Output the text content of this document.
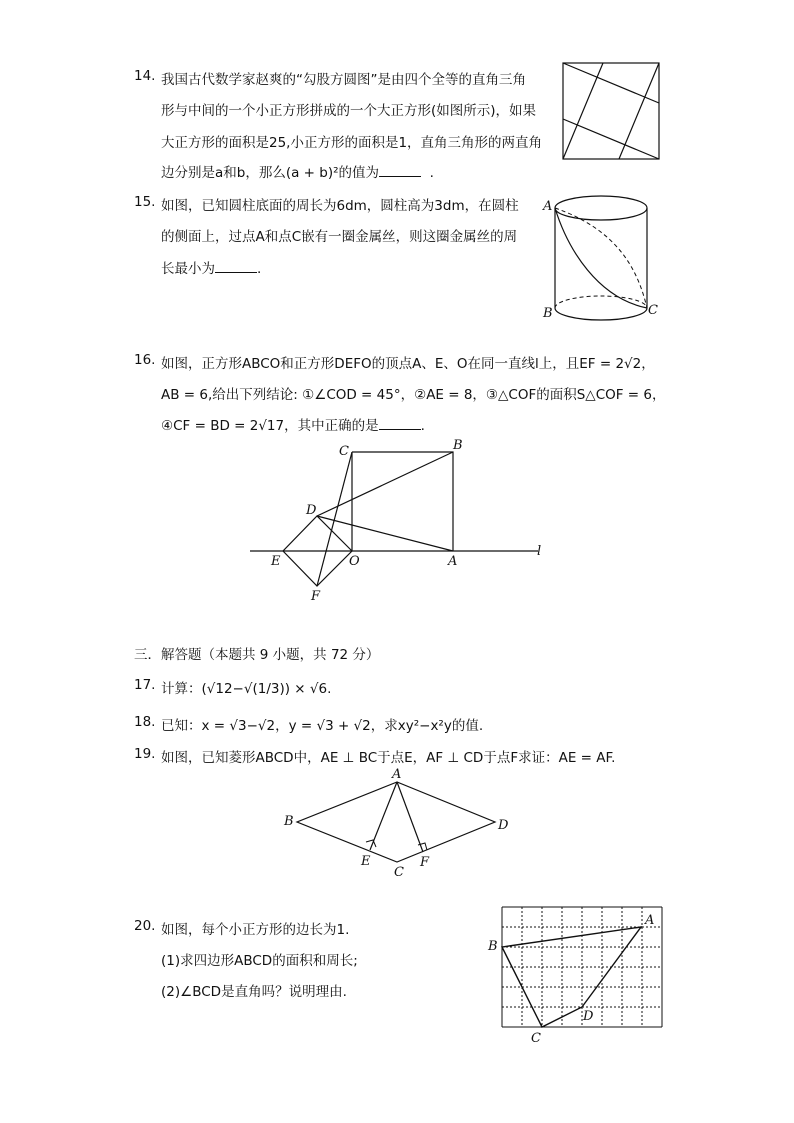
14. 我国古代数学家赵爽的“勾股方圆图”是由四个全等的直角三角
形与中间的一个小正方形拼成的一个大正方形(如图所示)，如果
大正方形的面积是25,小正方形的面积是1，直角三角形的两直角
边分别是a和b，那么(a + b)²的值为	.
15. 如图，已知圆柱底面的周长为6dm，圆柱高为3dm，在圆柱
的侧面上，过点A和点C嵌有一圈金属丝，则这圈金属丝的周
长最小为	.
A
B	C
16. 如图，正方形ABCO和正方形DEFO的顶点A、E、O在同一直线l上，且EF = 2√2，
AB = 6,给出下列结论: ①∠COD = 45°，②AE = 8，③△COF的面积S△COF = 6，
④CF = BD = 2√17，其中正确的是	.
C	B
D
E	O	A
F
l
三．解答题（本题共 9 小题，共 72 分）
17. 计算：(√12−√(1/3)) × √6.
18. 已知：x = √3−√2，y = √3 + √2，求xy²−x²y的值.
19. 如图，已知菱形ABCD中，AE ⊥ BC于点E，AF ⊥ CD于点F求证：AE = AF.
A
B
C
D
E	F
20. 如图，每个小正方形的边长为1.
(1)求四边形ABCD的面积和周长;
(2)∠BCD是直角吗？说明理由.
A
B
C
D
